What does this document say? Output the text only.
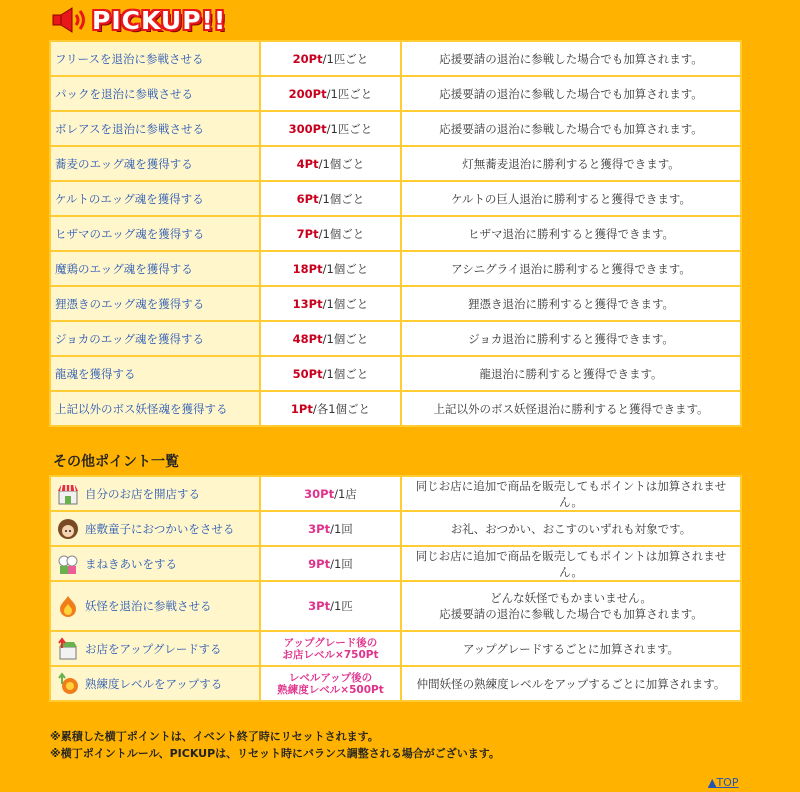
PICKUP!!
フリースを退治に参戦させる	20Pt/1匹ごと	応援要請の退治に参戦した場合でも加算されます。
パックを退治に参戦させる	200Pt/1匹ごと	応援要請の退治に参戦した場合でも加算されます。
ボレアスを退治に参戦させる	300Pt/1匹ごと	応援要請の退治に参戦した場合でも加算されます。
蕎麦のエッグ魂を獲得する	4Pt/1個ごと	灯無蕎麦退治に勝利すると獲得できます。
ケルトのエッグ魂を獲得する	6Pt/1個ごと	ケルトの巨人退治に勝利すると獲得できます。
ヒザマのエッグ魂を獲得する	7Pt/1個ごと	ヒザマ退治に勝利すると獲得できます。
魔鶏のエッグ魂を獲得する	18Pt/1個ごと	アシニグライ退治に勝利すると獲得できます。
狸憑きのエッグ魂を獲得する	13Pt/1個ごと	狸憑き退治に勝利すると獲得できます。
ジョカのエッグ魂を獲得する	48Pt/1個ごと	ジョカ退治に勝利すると獲得できます。
龍魂を獲得する	50Pt/1個ごと	龍退治に勝利すると獲得できます。
上記以外のボス妖怪魂を獲得する	1Pt/各1個ごと	上記以外のボス妖怪退治に勝利すると獲得できます。
その他ポイント一覧
自分のお店を開店する	30Pt/1店	同じお店に追加で商品を販売してもポイントは加算されません。

座敷童子におつかいをさせる	3Pt/1回	お礼、おつかい、おこすのいずれも対象です。

まねきあいをする	9Pt/1回	同じお店に追加で商品を販売してもポイントは加算されません。

妖怪を退治に参戦させる	3Pt/1匹	どんな妖怪でもかまいません。
応援要請の退治に参戦した場合でも加算されます。

お店をアップグレードする	アップグレード後の
お店レベル×750Pt	アップグレードするごとに加算されます。

熟練度レベルをアップする	レベルアップ後の
熟練度レベル×500Pt	仲間妖怪の熟練度レベルをアップするごとに加算されます。
※累積した横丁ポイントは、イベント終了時にリセットされます。
※横丁ポイントルール、PICKUPは、リセット時にバランス調整される場合がございます。
▲TOP
